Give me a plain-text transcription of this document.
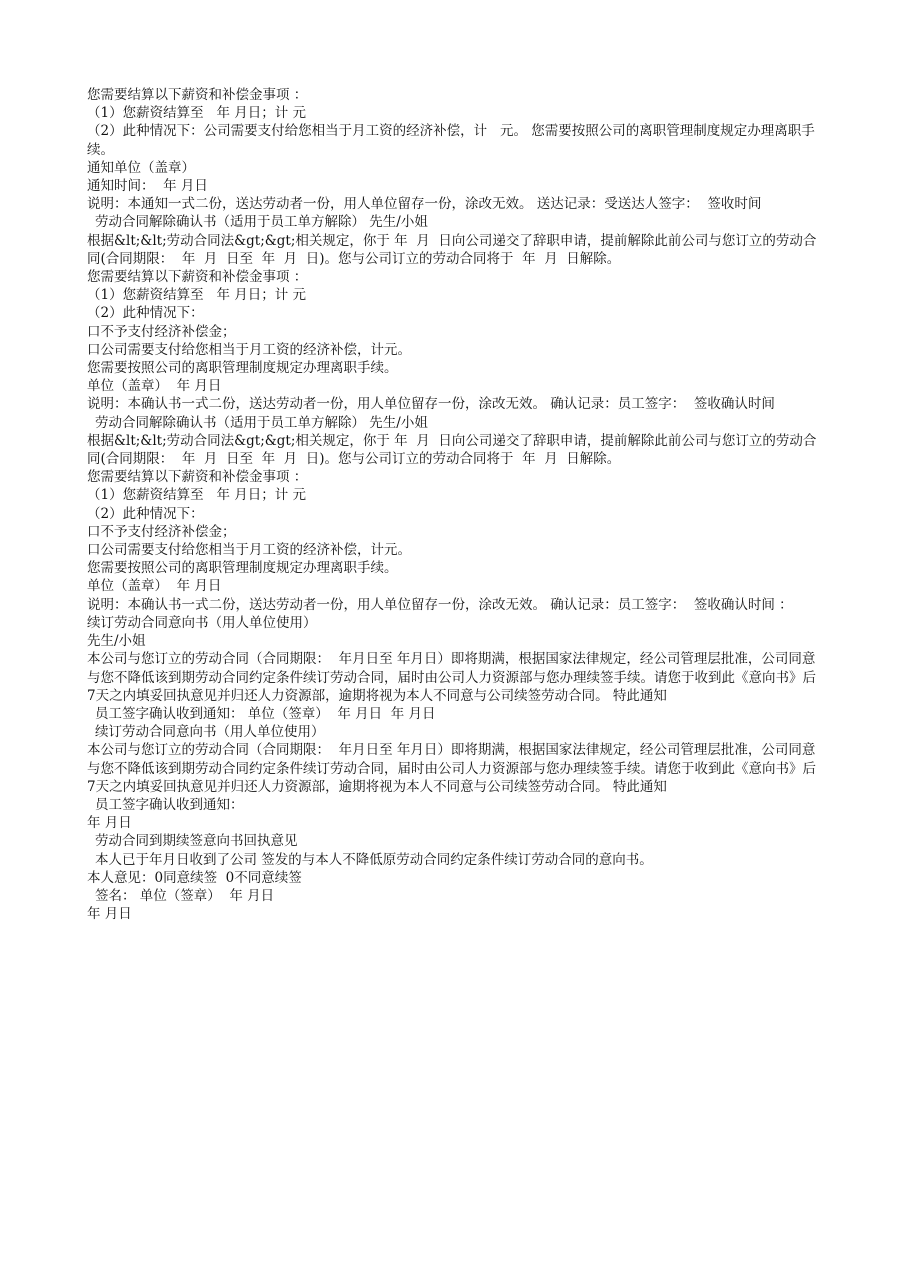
您需要结算以下薪资和补偿金事项 ：
（1）您薪资结算至   年 月日；计 元
（2）此种情况下：公司需要支付给您相当于月工资的经济补偿，计   元。 您需要按照公司的离职管理制度规定办理离职手续。
通知单位（盖章）
通知时间：  年 月日
说明：本通知一式二份，送达劳动者一份，用人单位留存一份，涂改无效。 送达记录：受送达人签字：  签收时间
劳动合同解除确认书（适用于员工单方解除） 先生/小姐
根据&lt;&lt;劳动合同法&gt;&gt;相关规定，你于 年  月  日向公司递交了辞职申请，提前解除此前公司与您订立的劳动合同(合同期限：  年  月  日至  年  月  日)。您与公司订立的劳动合同将于  年  月  日解除。
您需要结算以下薪资和补偿金事项 ：
（1）您薪资结算至   年 月日；计 元
（2）此种情况下：
口不予支付经济补偿金；
口公司需要支付给您相当于月工资的经济补偿，计元。
您需要按照公司的离职管理制度规定办理离职手续。
单位（盖章）  年 月日
说明：本确认书一式二份，送达劳动者一份，用人单位留存一份，涂改无效。 确认记录：员工签字：  签收确认时间
劳动合同解除确认书（适用于员工单方解除） 先生/小姐
根据&lt;&lt;劳动合同法&gt;&gt;相关规定，你于 年  月  日向公司递交了辞职申请，提前解除此前公司与您订立的劳动合同(合同期限：  年  月  日至  年  月  日)。您与公司订立的劳动合同将于  年  月  日解除。
您需要结算以下薪资和补偿金事项 ：
（1）您薪资结算至   年 月日；计 元
（2）此种情况下：
口不予支付经济补偿金；
口公司需要支付给您相当于月工资的经济补偿，计元。
您需要按照公司的离职管理制度规定办理离职手续。
单位（盖章）  年 月日
说明：本确认书一式二份，送达劳动者一份，用人单位留存一份，涂改无效。 确认记录：员工签字：  签收确认时间 ：
续订劳动合同意向书（用人单位使用）
先生/小姐
本公司与您订立的劳动合同（合同期限：  年月日至 年月日）即将期满，根据国家法律规定，经公司管理层批准，公司同意与您不降低该到期劳动合同约定条件续订劳动合同，届时由公司人力资源部与您办理续签手续。请您于收到此《意向书》后7天之内填妥回执意见并归还人力资源部，逾期将视为本人不同意与公司续签劳动合同。 特此通知
员工签字确认收到通知： 单位（签章）  年 月日  年 月日
续订劳动合同意向书（用人单位使用）
本公司与您订立的劳动合同（合同期限：  年月日至 年月日）即将期满，根据国家法律规定，经公司管理层批准，公司同意与您不降低该到期劳动合同约定条件续订劳动合同，届时由公司人力资源部与您办理续签手续。请您于收到此《意向书》后7天之内填妥回执意见并归还人力资源部，逾期将视为本人不同意与公司续签劳动合同。 特此通知
员工签字确认收到通知：
年 月日
劳动合同到期续签意向书回执意见
本人已于年月日收到了公司 签发的与本人不降低原劳动合同约定条件续订劳动合同的意向书。
本人意见：0同意续签  0不同意续签
签名： 单位（签章）  年 月日
年 月日
